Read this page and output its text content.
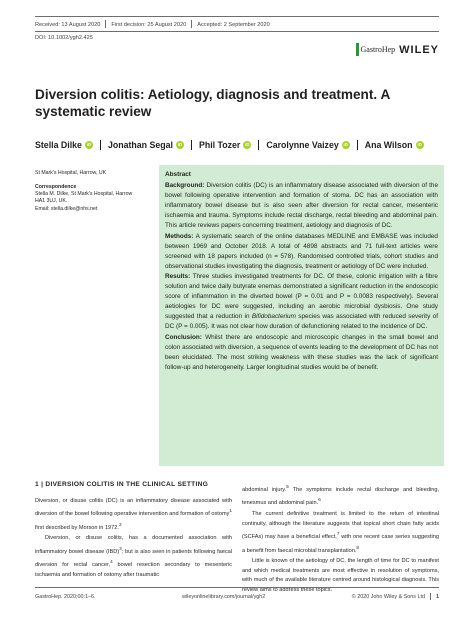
Received: 13 August 2020 First decision: 25 August 2020 Accepted: 2 September 2020
DOI: 10.1002/ygh2.425
GastroHep WILEY
Diversion colitis: Aetiology, diagnosis and treatment. A systematic review
Stella Dilke	iD Jonathan Segal	iD Phil Tozer	iD Carolynne Vaizey	iD Ana Wilson	iD
St Mark's Hospital, Harrow, UK
Correspondence
Stella M. Dilke, St Mark's Hospital, Harrow
HA1 3UJ, UK.
Email: stella.dilke@nhs.net
Abstract

Background: Diversion colitis (DC) is an inflammatory disease associated with diversion of the bowel following operative intervention and formation of stoma. DC has an association with inflammatory bowel disease but is also seen after diversion for rectal cancer, mesenteric ischaemia and trauma. Symptoms include rectal discharge, rectal bleeding and abdominal pain. This article reviews papers concerning treatment, aetiology and diagnosis of DC.

Methods: A systematic search of the online databases MEDLINE and EMBASE was included between 1969 and October 2018. A total of 4898 abstracts and 71 full-text articles were screened with 18 papers included (n = 578). Randomised controlled trials, cohort studies and observational studies investigating the diagnosis, treatment or aetiology of DC were included.

Results: Three studies investigated treatments for DC. Of these, colonic irrigation with a fibre solution and twice daily butyrate enemas demonstrated a significant reduction in the endoscopic score of inflammation in the diverted bowel (P = 0.01 and P = 0.0083 respectively). Several aetiologies for DC were suggested, including an aerobic microbial dysbiosis. One study suggested that a reduction in Bifidobacterium species was associated with reduced severity of DC (P = 0.005). It was not clear how duration of defunctioning related to the incidence of DC.

Conclusion: Whilst there are endoscopic and microscopic changes in the small bowel and colon associated with diversion, a sequence of events leading to the development of DC has not been elucidated. The most striking weakness with these studies was the lack of significant follow-up and heterogeneity. Larger longitudinal studies would be of benefit.

1 | DIVERSION COLITIS IN THE CLINICAL SETTING

Diversion, or disuse colitis (DC) is an inflammatory disease associated with diversion of the bowel following operative intervention and formation of ostomy$^1$ first described by Morson in 1972.$^2$

Diversion, or disuse colitis, has a documented association with inflammatory bowel disease (IBD)$^3$; but is also seen in patients following faecal diversion for rectal cancer,$^4$ bowel resection secondary to mesenteric ischaemia and formation of ostomy after traumatic

abdominal injury.$^5$ The symptoms include rectal discharge and bleeding, tenesmus and abdominal pain.$^6$

The current definitive treatment is limited to the return of intestinal continuity, although the literature suggests that topical short chain fatty acids (SCFAs) may have a beneficial effect,$^7$ with one recent case series suggesting a benefit from faecal microbial transplantation.$^8$

Little is known of the aetiology of DC, the length of time for DC to manifest and which medical treatments are most effective in resolution of symptoms, with much of the available literature centred around histological diagnosis. This review aims to address these topics.

GastroHep. 2020;00:1–6.	wileyonlinelibrary.com/journal/ygh2	© 2020 John Wiley & Sons Ltd 1
